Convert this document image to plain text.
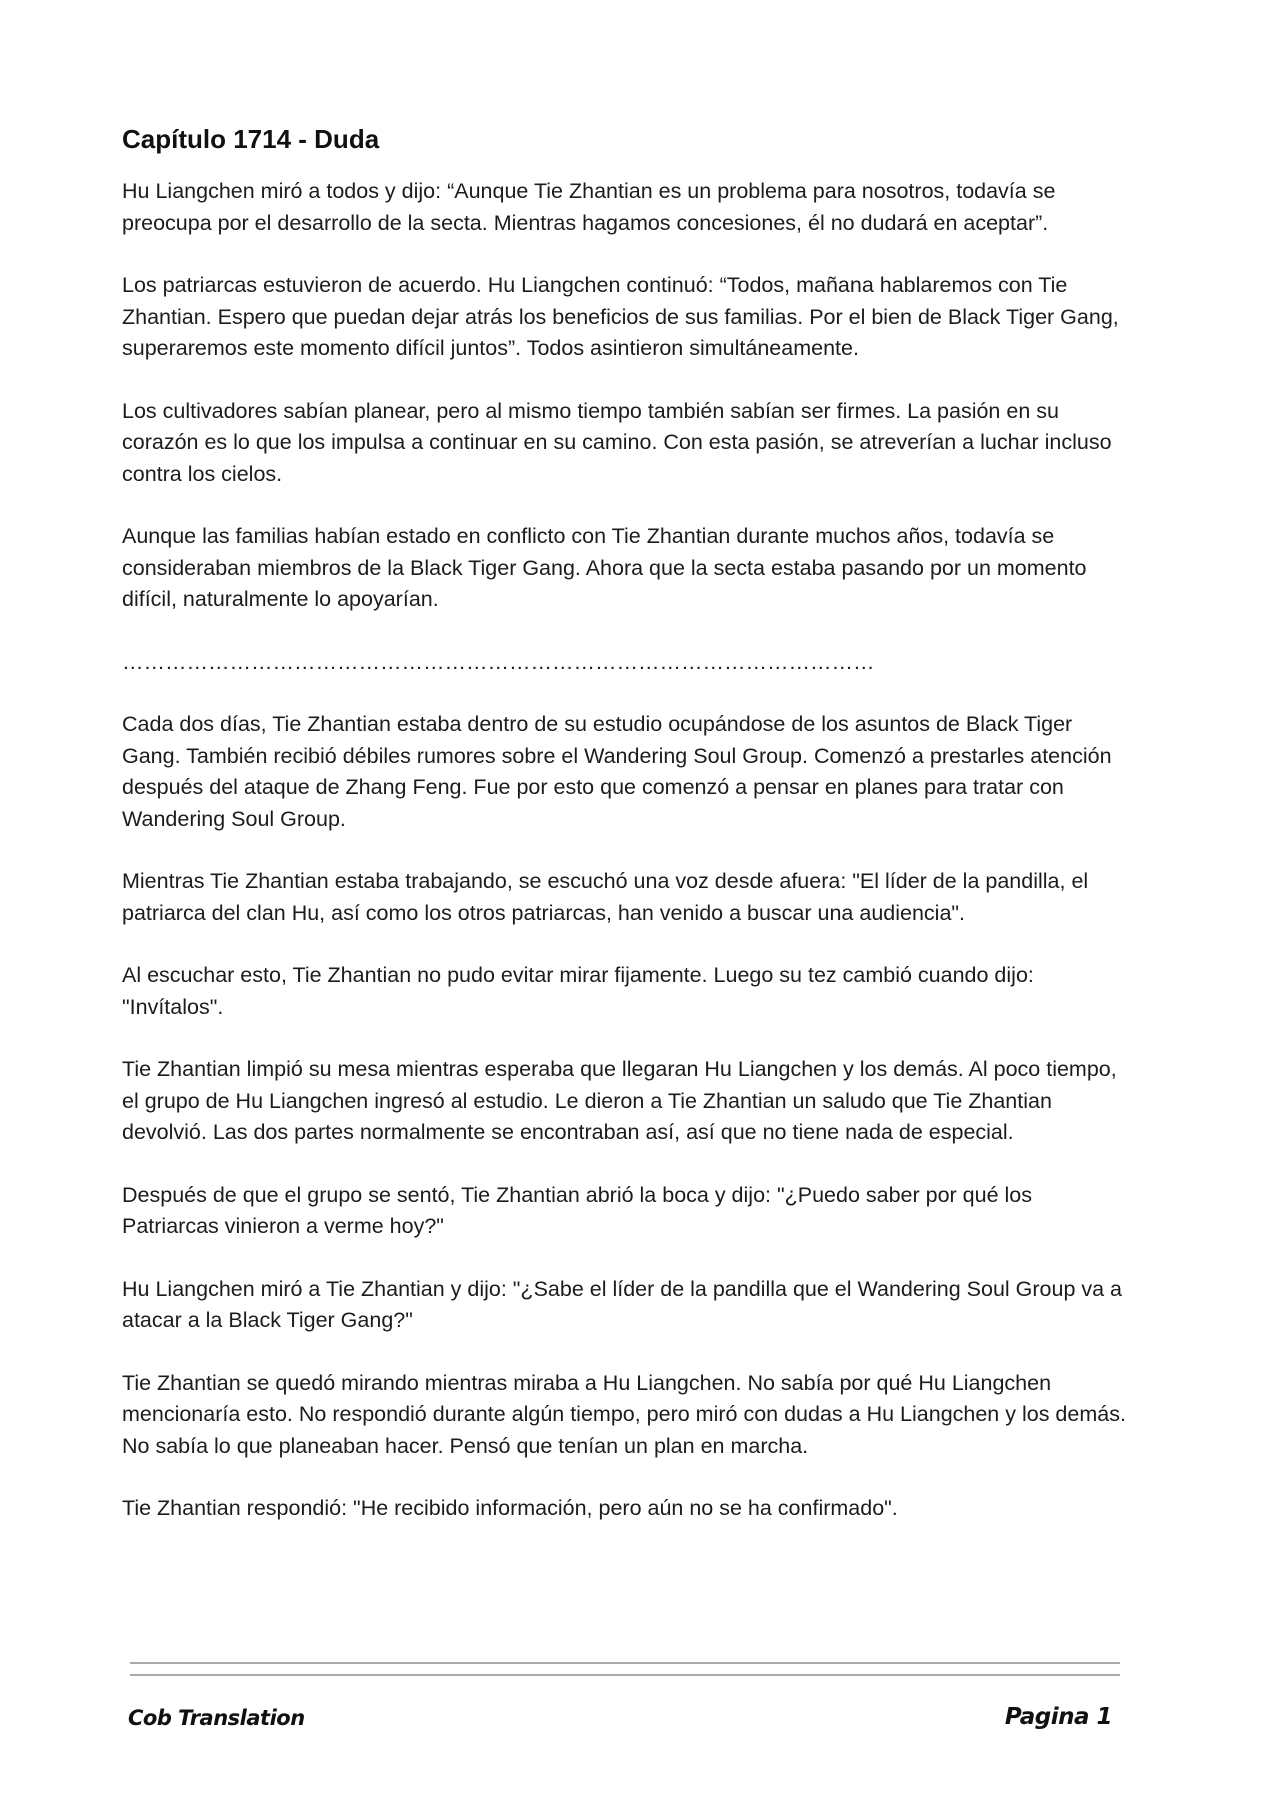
Capítulo 1714 - Duda

Hu Liangchen miró a todos y dijo: “Aunque Tie Zhantian es un problema para nosotros, todavía se preocupa por el desarrollo de la secta. Mientras hagamos concesiones, él no dudará en aceptar”.

Los patriarcas estuvieron de acuerdo. Hu Liangchen continuó: “Todos, mañana hablaremos con Tie Zhantian. Espero que puedan dejar atrás los beneficios de sus familias. Por el bien de Black Tiger Gang, superaremos este momento difícil juntos”. Todos asintieron simultáneamente.

Los cultivadores sabían planear, pero al mismo tiempo también sabían ser firmes. La pasión en su corazón es lo que los impulsa a continuar en su camino. Con esta pasión, se atreverían a luchar incluso contra los cielos.

Aunque las familias habían estado en conflicto con Tie Zhantian durante muchos años, todavía se consideraban miembros de la Black Tiger Gang. Ahora que la secta estaba pasando por un momento difícil, naturalmente lo apoyarían.

……………………………………………………………………………………………

Cada dos días, Tie Zhantian estaba dentro de su estudio ocupándose de los asuntos de Black Tiger Gang. También recibió débiles rumores sobre el Wandering Soul Group. Comenzó a prestarles atención después del ataque de Zhang Feng. Fue por esto que comenzó a pensar en planes para tratar con Wandering Soul Group.

Mientras Tie Zhantian estaba trabajando, se escuchó una voz desde afuera: "El líder de la pandilla, el patriarca del clan Hu, así como los otros patriarcas, han venido a buscar una audiencia".

Al escuchar esto, Tie Zhantian no pudo evitar mirar fijamente. Luego su tez cambió cuando dijo: "Invítalos".

Tie Zhantian limpió su mesa mientras esperaba que llegaran Hu Liangchen y los demás. Al poco tiempo, el grupo de Hu Liangchen ingresó al estudio. Le dieron a Tie Zhantian un saludo que Tie Zhantian devolvió. Las dos partes normalmente se encontraban así, así que no tiene nada de especial.

Después de que el grupo se sentó, Tie Zhantian abrió la boca y dijo: "¿Puedo saber por qué los Patriarcas vinieron a verme hoy?"

Hu Liangchen miró a Tie Zhantian y dijo: "¿Sabe el líder de la pandilla que el Wandering Soul Group va a atacar a la Black Tiger Gang?"

Tie Zhantian se quedó mirando mientras miraba a Hu Liangchen. No sabía por qué Hu Liangchen mencionaría esto. No respondió durante algún tiempo, pero miró con dudas a Hu Liangchen y los demás. No sabía lo que planeaban hacer. Pensó que tenían un plan en marcha.

Tie Zhantian respondió: "He recibido información, pero aún no se ha confirmado".

Cob Translation	Pagina 1
